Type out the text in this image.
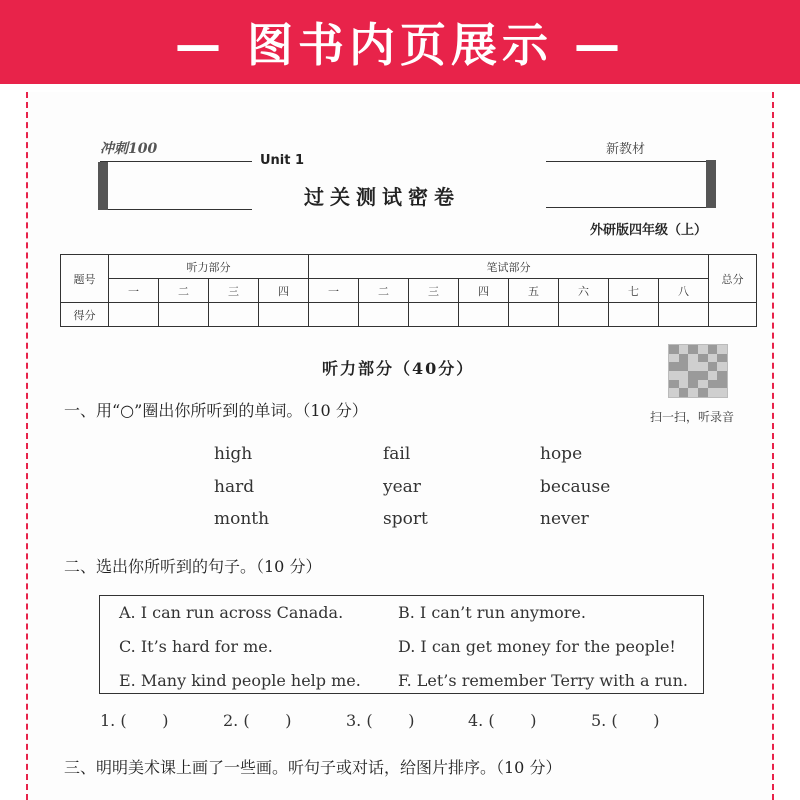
— 图书内页展示 —
冲刺100
Unit 1
新教材
过关测试密卷
外研版四年级（上）
题号	听力部分				笔试部分								总分
	一	二	三	四	一	二	三	四	五	六	七	八	
得分													
听力部分（40分）
扫一扫，听录音
一、用“○”圈出你所听到的单词。（10 分）
high	fail	hope
hard	year	because
month	sport	never
二、选出你所听到的句子。（10 分）
A. I can run across Canada.	B. I can’t run anymore.
C. It’s hard for me.	D. I can get money for the people!
E. Many kind people help me. F. Let’s remember Terry with a run.
1. (       )	2. (       )	3. (       )	4. (       )	5. (       )
三、明明美术课上画了一些画。听句子或对话，给图片排序。（10 分）
